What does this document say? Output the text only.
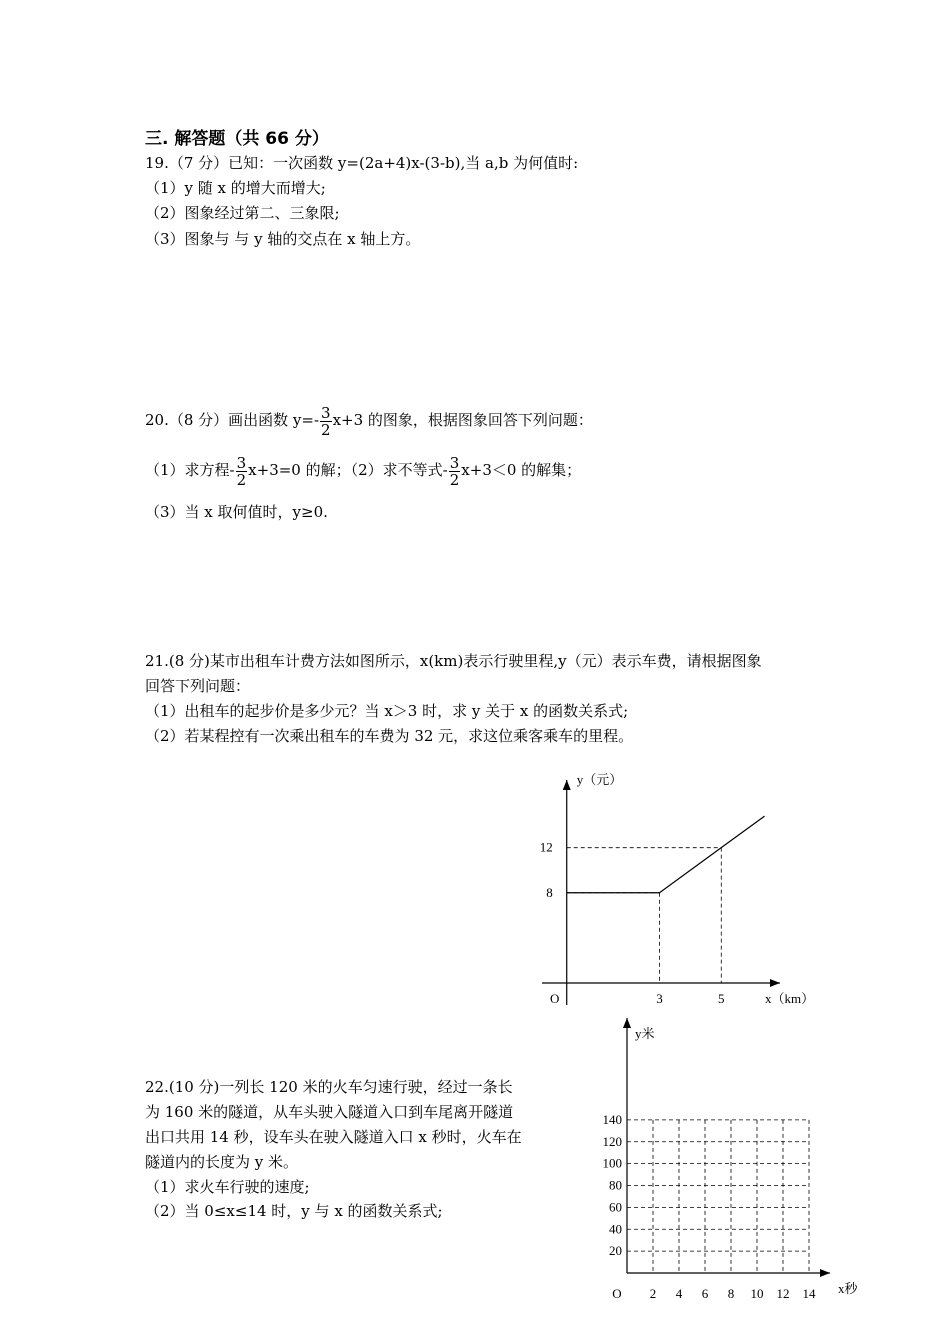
三. 解答题（共 66 分）
19.（7 分）已知：一次函数 y=(2a+4)x-(3-b),当 a,b 为何值时:
（1）y 随 x 的增大而增大;
（2）图象经过第二、三象限;
（3）图象与 与 y 轴的交点在 x 轴上方。
20.（8 分）画出函数 $y=- \frac{3}{2} x+3$ 的图象，根据图象回答下列问题：
（1）求方程- $\frac{3}{2} x+3=0$ 的解；（2）求不等式- $\frac{3}{2} x+3<0$ 的解集；
（3）当 x 取何值时，y≥0.
21.(8 分)某市出租车计费方法如图所示，x(km)表示行驶里程,y（元）表示车费，请根据图象
回答下列问题：
（1）出租车的起步价是多少元？当 x＞3 时，求 y 关于 x 的函数关系式;
（2）若某程控有一次乘出租车的车费为 32 元，求这位乘客乘车的里程。
3	5
8
12
y（元）
x（km）
O
22.(10 分)一列长 120 米的火车匀速行驶，经过一条长
为 160 米的隧道，从车头驶入隧道入口到车尾离开隧道
出口共用 14 秒，设车头在驶入隧道入口 x 秒时，火车在
隧道内的长度为 y 米。
（1）求火车行驶的速度;
（2）当 0≤x≤14 时，y 与 x 的函数关系式;
2 4 6 8 10 12 14
20
40
60
80
100
120
140
y米
x秒
O
